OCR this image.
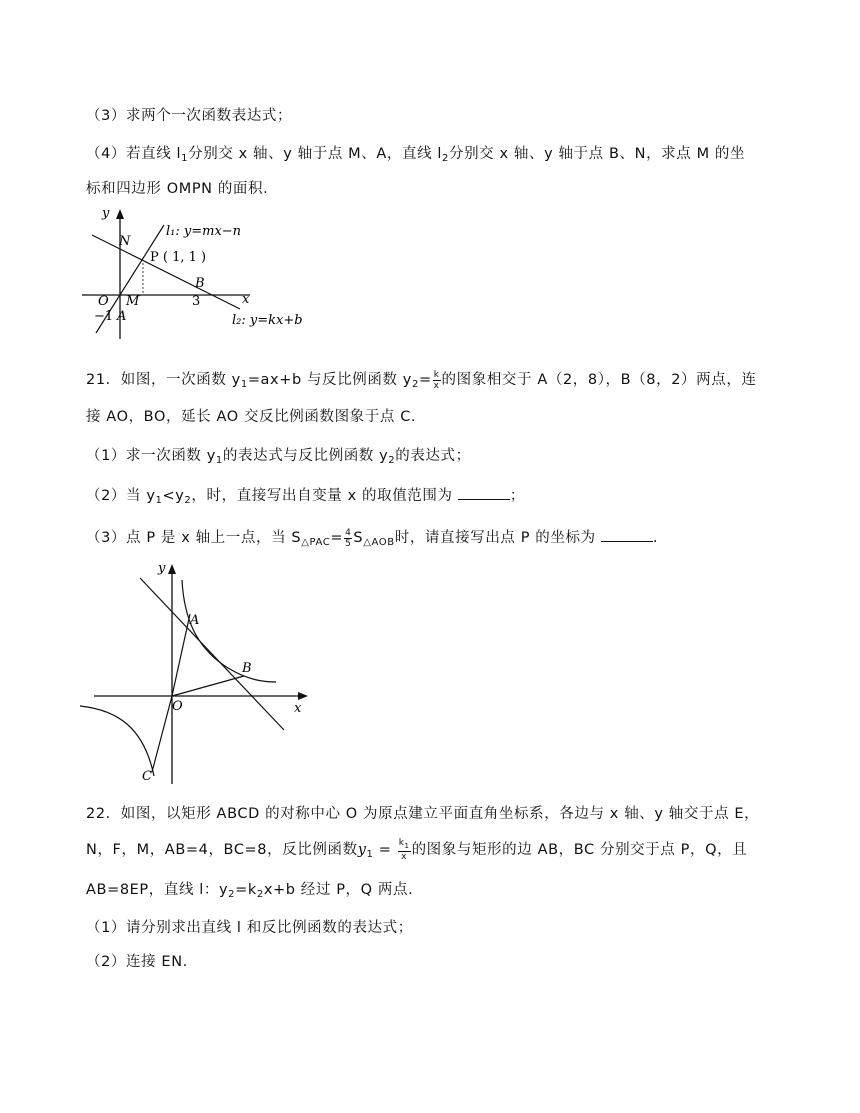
（3）求两个一次函数表达式；
（4）若直线 $l_1$分别交 x 轴、y 轴于点 M、A，直线 $l_2$分别交 x 轴、y 轴于点 B、N，求点 M 的坐
标和四边形 OMPN 的面积.
y
x
N
P ( 1, 1 )
B
O M	3
−1 A
l₁: y=mx−n
l₂: y=kx+b
21．如图，一次函数 $y_1=ax+b$ 与反比例函数 $y_2= \frac{k}{x}$ 的图象相交于 A（2，8），B（8，2）两点，连
接 AO，BO，延长 AO 交反比例函数图象于点 C.
（1）求一次函数 $y_1$的表达式与反比例函数 $y_2$的表达式；
（2）当 $y_1<y_2$，时，直接写出自变量 x 的取值范围为	；
（3）点 P 是 x 轴上一点，当 $S_{\triangle PAC}= \frac{4}{5} S_{\triangle AOB}$时，请直接写出点 P 的坐标为	.
y
x
A
B
O
C
22．如图，以矩形 ABCD 的对称中心 O 为原点建立平面直角坐标系，各边与 x 轴、y 轴交于点 E，
N，F，M，AB=4，BC=8，反比例函数$y_1 = \frac{k_1}{x}$ 的图象与矩形的边 AB，BC 分别交于点 P，Q，且
AB=8EP，直线 l：$y_2=k_2x+b$ 经过 P，Q 两点.
（1）请分别求出直线 l 和反比例函数的表达式；
（2）连接 EN.
